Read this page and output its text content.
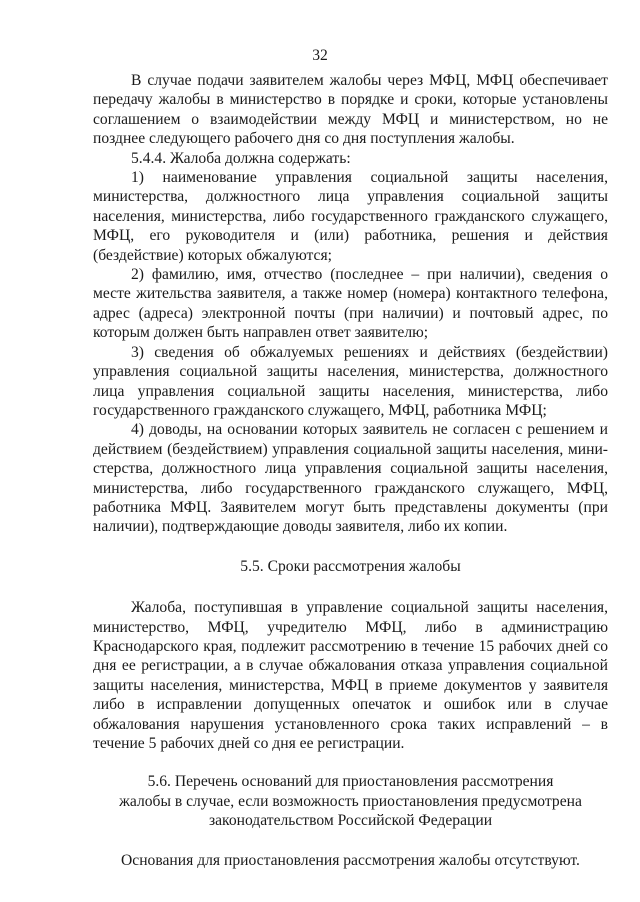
32

В случае подачи заявителем жалобы через МФЦ, МФЦ обеспечивает передачу жалобы в министерство в порядке и сроки, которые установлены соглашением о взаимодействии между МФЦ и министерством, но не позднее следующего рабочего дня со дня поступления жалобы.

5.4.4. Жалоба должна содержать:

1) наименование управления социальной защиты населения, министерства, должностного лица управления социальной защиты населения, министерства, либо государственного гражданского служащего, МФЦ, его руководителя и (или) работника, решения и действия (бездействие) которых обжалуются;

2) фамилию, имя, отчество (последнее – при наличии), сведения о месте жительства заявителя, а также номер (номера) контактного телефона, адрес (адреса) электронной почты (при наличии) и почтовый адрес, по которым должен быть направлен ответ заявителю;

3) сведения об обжалуемых решениях и действиях (бездействии) управления социальной защиты населения, министерства, должностного лица управления социальной защиты населения, министерства, либо государственного гражданского служащего, МФЦ, работника МФЦ;

4) доводы, на основании которых заявитель не согласен с решением и действием (бездействием) управления социальной защиты населения, министерства, должностного лица управления социальной защиты населения, министерства, либо государственного гражданского служащего, МФЦ, работника МФЦ. Заявителем могут быть представлены документы (при наличии), подтверждающие доводы заявителя, либо их копии.

5.5. Сроки рассмотрения жалобы

Жалоба, поступившая в управление социальной защиты населения, министерство, МФЦ, учредителю МФЦ, либо в администрацию Краснодарского края, подлежит рассмотрению в течение 15 рабочих дней со дня ее регистрации, а в случае обжалования отказа управления социальной защиты населения, министерства, МФЦ в приеме документов у заявителя либо в исправлении допущенных опечаток и ошибок или в случае обжалования нарушения установленного срока таких исправлений – в течение 5 рабочих дней со дня ее регистрации.

5.6. Перечень оснований для приостановления рассмотрения
жалобы в случае, если возможность приостановления предусмотрена
законодательством Российской Федерации

Основания для приостановления рассмотрения жалобы отсутствуют.
